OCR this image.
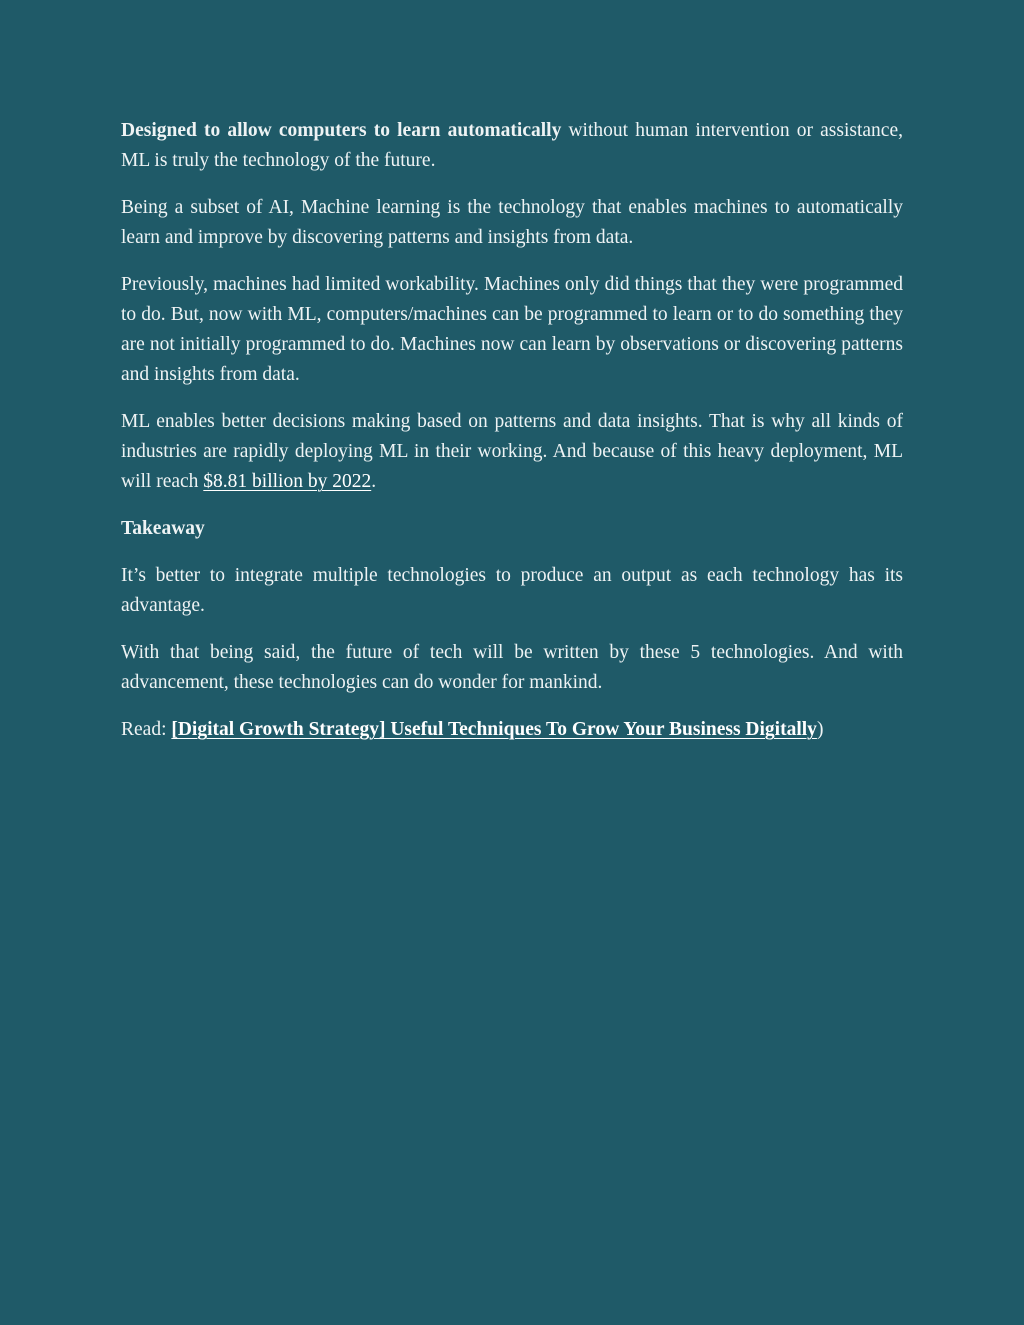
Designed to allow computers to learn automatically without human intervention or assistance, ML is truly the technology of the future.

Being a subset of AI, Machine learning is the technology that enables machines to automatically learn and improve by discovering patterns and insights from data.

Previously, machines had limited workability. Machines only did things that they were programmed to do. But, now with ML, computers/machines can be programmed to learn or to do something they are not initially programmed to do. Machines now can learn by observations or discovering patterns and insights from data.

ML enables better decisions making based on patterns and data insights. That is why all kinds of industries are rapidly deploying ML in their working. And because of this heavy deployment, ML will reach $8.81 billion by 2022.

Takeaway

It’s better to integrate multiple technologies to produce an output as each technology has its advantage.

With that being said, the future of tech will be written by these 5 technologies. And with advancement, these technologies can do wonder for mankind.

Read: [Digital Growth Strategy] Useful Techniques To Grow Your Business Digitally)
